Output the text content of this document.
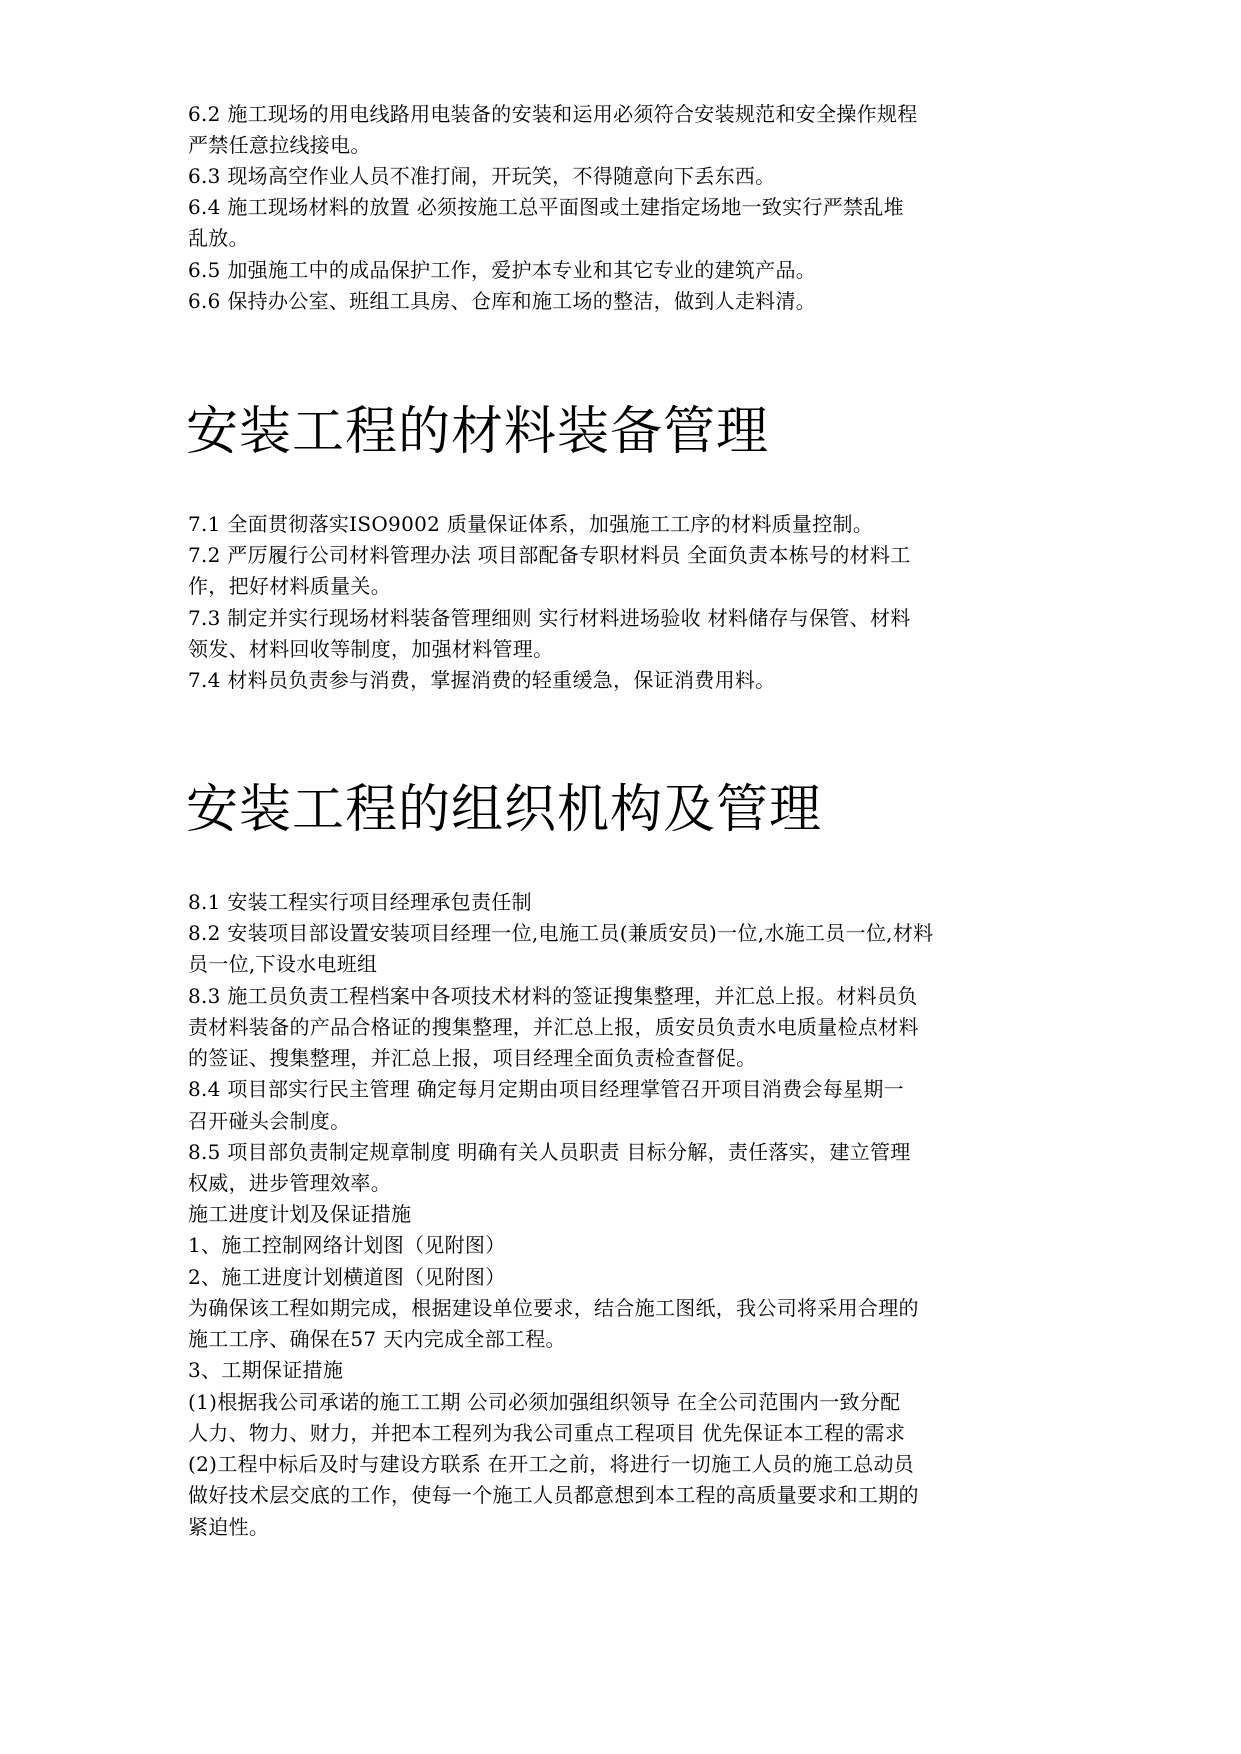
6.2 施工现场的用电线路用电装备的安装和运用必须符合安装规范和安全操作规程
严禁任意拉线接电。
6.3 现场高空作业人员不准打闹，开玩笑，不得随意向下丢东西。
6.4 施工现场材料的放置 必须按施工总平面图或土建指定场地一致实行严禁乱堆
乱放。
6.5 加强施工中的成品保护工作，爱护本专业和其它专业的建筑产品。
6.6 保持办公室、班组工具房、仓库和施工场的整洁，做到人走料清。
安装工程的材料装备管理
7.1 全面贯彻落实ISO9002 质量保证体系，加强施工工序的材料质量控制。
7.2 严厉履行公司材料管理办法 项目部配备专职材料员 全面负责本栋号的材料工
作，把好材料质量关。
7.3 制定并实行现场材料装备管理细则 实行材料进场验收 材料储存与保管、材料
领发、材料回收等制度，加强材料管理。
7.4 材料员负责参与消费，掌握消费的轻重缓急，保证消费用料。
安装工程的组织机构及管理
8.1 安装工程实行项目经理承包责任制
8.2 安装项目部设置安装项目经理一位,电施工员(兼质安员)一位,水施工员一位,材料
员一位,下设水电班组
8.3 施工员负责工程档案中各项技术材料的签证搜集整理，并汇总上报。材料员负
责材料装备的产品合格证的搜集整理，并汇总上报，质安员负责水电质量检点材料
的签证、搜集整理，并汇总上报，项目经理全面负责检查督促。
8.4 项目部实行民主管理 确定每月定期由项目经理掌管召开项目消费会每星期一
召开碰头会制度。
8.5 项目部负责制定规章制度 明确有关人员职责 目标分解，责任落实，建立管理
权威，进步管理效率。
施工进度计划及保证措施
1、施工控制网络计划图（见附图）
2、施工进度计划横道图（见附图）
为确保该工程如期完成，根据建设单位要求，结合施工图纸，我公司将采用合理的
施工工序、确保在57 天内完成全部工程。
3、工期保证措施
(1)根据我公司承诺的施工工期 公司必须加强组织领导 在全公司范围内一致分配
人力、物力、财力，并把本工程列为我公司重点工程项目 优先保证本工程的需求
(2)工程中标后及时与建设方联系 在开工之前，将进行一切施工人员的施工总动员
做好技术层交底的工作，使每一个施工人员都意想到本工程的高质量要求和工期的
紧迫性。
